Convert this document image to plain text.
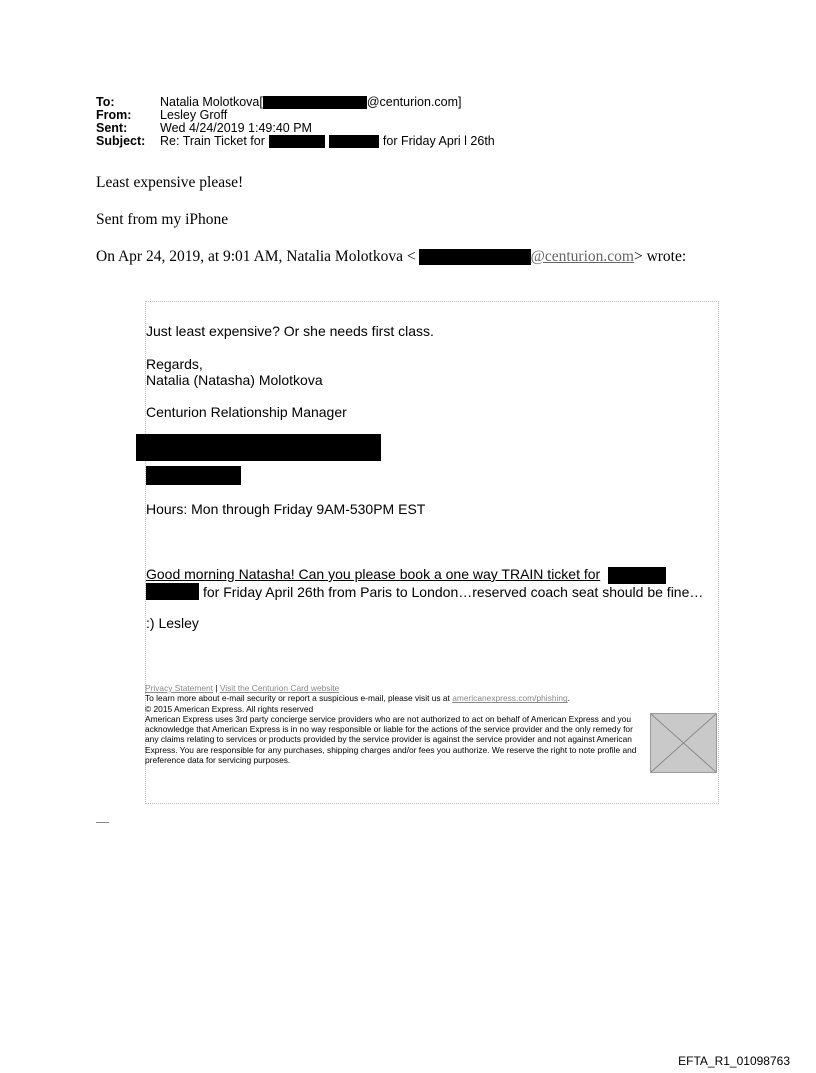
To:	Natalia Molotkova[	@centurion.com]
From:	Lesley Groff
Sent:	Wed 4/24/2019 1:49:40 PM
Subject:	Re: Train Ticket for	for Friday Apri l 26th
Least expensive please!
Sent from my iPhone
On Apr 24, 2019, at 9:01 AM, Natalia Molotkova <	@centurion.com> wrote:
Just least expensive? Or she needs first class.
Regards,
Natalia (Natasha) Molotkova
Centurion Relationship Manager
Hours: Mon through Friday 9AM-530PM EST
Good morning Natasha! Can you please book a one way TRAIN ticket for
for Friday April 26th from Paris to London…reserved coach seat should be fine…
:) Lesley
Privacy Statement | Visit the Centurion Card website
To learn more about e-mail security or report a suspicious e-mail, please visit us at americanexpress.com/phishing.
© 2015 American Express. All rights reserved
American Express uses 3rd party concierge service providers who are not authorized to act on behalf of American Express and you acknowledge that American Express is in no way responsible or liable for the actions of the service provider and the only remedy for any claims relating to services or products provided by the service provider is against the service provider and not against American Express. You are responsible for any purchases, shipping charges and/or fees you authorize. We reserve the right to note profile and preference data for servicing purposes.
EFTA_R1_01098763
